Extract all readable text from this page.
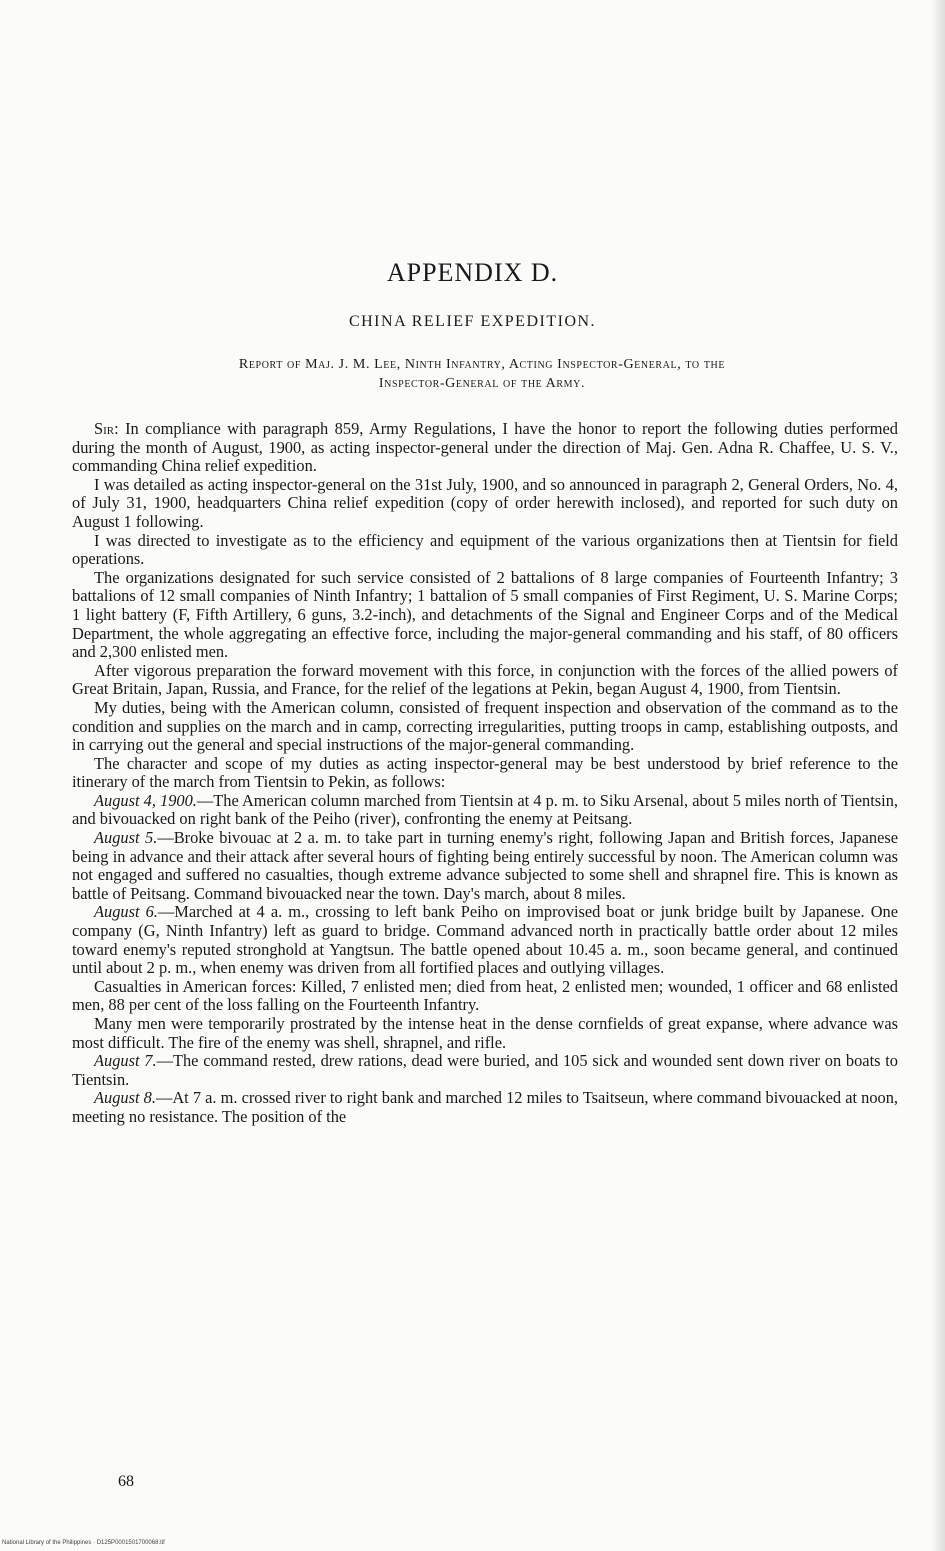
APPENDIX D.
CHINA RELIEF EXPEDITION.
Report of Maj. J. M. Lee, Ninth Infantry, Acting Inspector-General, to the
Inspector-General of the Army.

Sir: In compliance with paragraph 859, Army Regulations, I have the honor to report the following duties performed during the month of August, 1900, as acting inspector-general under the direction of Maj. Gen. Adna R. Chaffee, U. S. V., commanding China relief expedition.

I was detailed as acting inspector-general on the 31st July, 1900, and so announced in paragraph 2, General Orders, No. 4, of July 31, 1900, headquarters China relief expedition (copy of order herewith inclosed), and reported for such duty on August 1 following.

I was directed to investigate as to the efficiency and equipment of the various organizations then at Tientsin for field operations.

The organizations designated for such service consisted of 2 battalions of 8 large companies of Fourteenth Infantry; 3 battalions of 12 small companies of Ninth Infantry; 1 battalion of 5 small companies of First Regiment, U. S. Marine Corps; 1 light battery (F, Fifth Artillery, 6 guns, 3.2-inch), and detachments of the Signal and Engineer Corps and of the Medical Department, the whole aggregating an effective force, including the major-general commanding and his staff, of 80 officers and 2,300 enlisted men.

After vigorous preparation the forward movement with this force, in conjunction with the forces of the allied powers of Great Britain, Japan, Russia, and France, for the relief of the legations at Pekin, began August 4, 1900, from Tientsin.

My duties, being with the American column, consisted of frequent inspection and observation of the command as to the condition and supplies on the march and in camp, correcting irregularities, putting troops in camp, establishing outposts, and in carrying out the general and special instructions of the major-general commanding.

The character and scope of my duties as acting inspector-general may be best understood by brief reference to the itinerary of the march from Tientsin to Pekin, as follows:

August 4, 1900.—The American column marched from Tientsin at 4 p. m. to Siku Arsenal, about 5 miles north of Tientsin, and bivouacked on right bank of the Peiho (river), confronting the enemy at Peitsang.

August 5.—Broke bivouac at 2 a. m. to take part in turning enemy's right, following Japan and British forces, Japanese being in advance and their attack after several hours of fighting being entirely successful by noon. The American column was not engaged and suffered no casualties, though extreme advance subjected to some shell and shrapnel fire. This is known as battle of Peitsang. Command bivouacked near the town. Day's march, about 8 miles.

August 6.—Marched at 4 a. m., crossing to left bank Peiho on improvised boat or junk bridge built by Japanese. One company (G, Ninth Infantry) left as guard to bridge. Command advanced north in practically battle order about 12 miles toward enemy's reputed stronghold at Yangtsun. The battle opened about 10.45 a. m., soon became general, and continued until about 2 p. m., when enemy was driven from all fortified places and outlying villages.

Casualties in American forces: Killed, 7 enlisted men; died from heat, 2 enlisted men; wounded, 1 officer and 68 enlisted men, 88 per cent of the loss falling on the Fourteenth Infantry.

Many men were temporarily prostrated by the intense heat in the dense cornfields of great expanse, where advance was most difficult. The fire of the enemy was shell, shrapnel, and rifle.

August 7.—The command rested, drew rations, dead were buried, and 105 sick and wounded sent down river on boats to Tientsin.

August 8.—At 7 a. m. crossed river to right bank and marched 12 miles to Tsaitseun, where command bivouacked at noon, meeting no resistance. The position of the

68
National Library of the Philippines · D125P0001501700068.tif
